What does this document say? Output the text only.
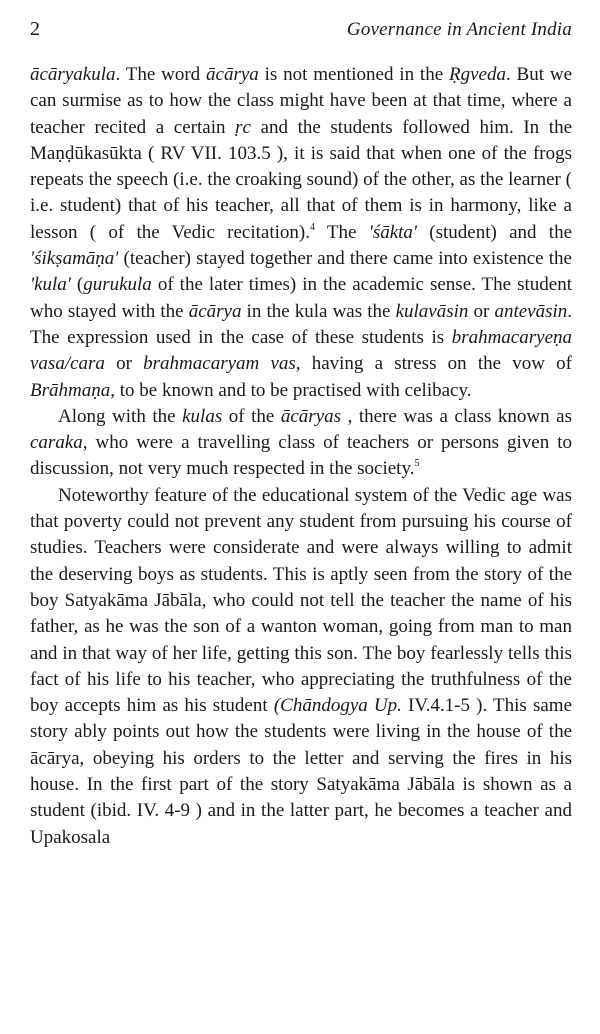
2	Governance in Ancient India

ācāryakula. The word ācārya is not mentioned in the Ṛgveda. But we can surmise as to how the class might have been at that time, where a teacher recited a certain ṛc and the students followed him. In the Maṇḍūkasūkta ( RV VII. 103.5 ), it is said that when one of the frogs repeats the speech (i.e. the croaking sound) of the other, as the learner ( i.e. student) that of his teacher, all that of them is in harmony, like a lesson ( of the Vedic recitation).$^4$ The 'śākta' (student) and the 'śikṣamāṇa' (teacher) stayed together and there came into existence the 'kula' (gurukula of the later times) in the academic sense. The student who stayed with the ācārya in the kula was the kulavāsin or antevāsin. The expression used in the case of these students is brahmacaryeṇa vasa/cara or brahmacaryam vas, having a stress on the vow of Brāhmaṇa, to be known and to be practised with celibacy.

Along with the kulas of the ācāryas , there was a class known as caraka, who were a travelling class of teachers or persons given to discussion, not very much respected in the society.$^5$

Noteworthy feature of the educational system of the Vedic age was that poverty could not prevent any student from pursuing his course of studies. Teachers were considerate and were always willing to admit the deserving boys as students. This is aptly seen from the story of the boy Satyakāma Jābāla, who could not tell the teacher the name of his father, as he was the son of a wanton woman, going from man to man and in that way of her life, getting this son. The boy fearlessly tells this fact of his life to his teacher, who appreciating the truthfulness of the boy accepts him as his student (Chāndogya Up. IV.4.1-5 ). This same story ably points out how the students were living in the house of the ācārya, obeying his orders to the letter and serving the fires in his house. In the first part of the story Satyakāma Jābāla is shown as a student (ibid. IV. 4-9 ) and in the latter part, he becomes a teacher and Upakosala
